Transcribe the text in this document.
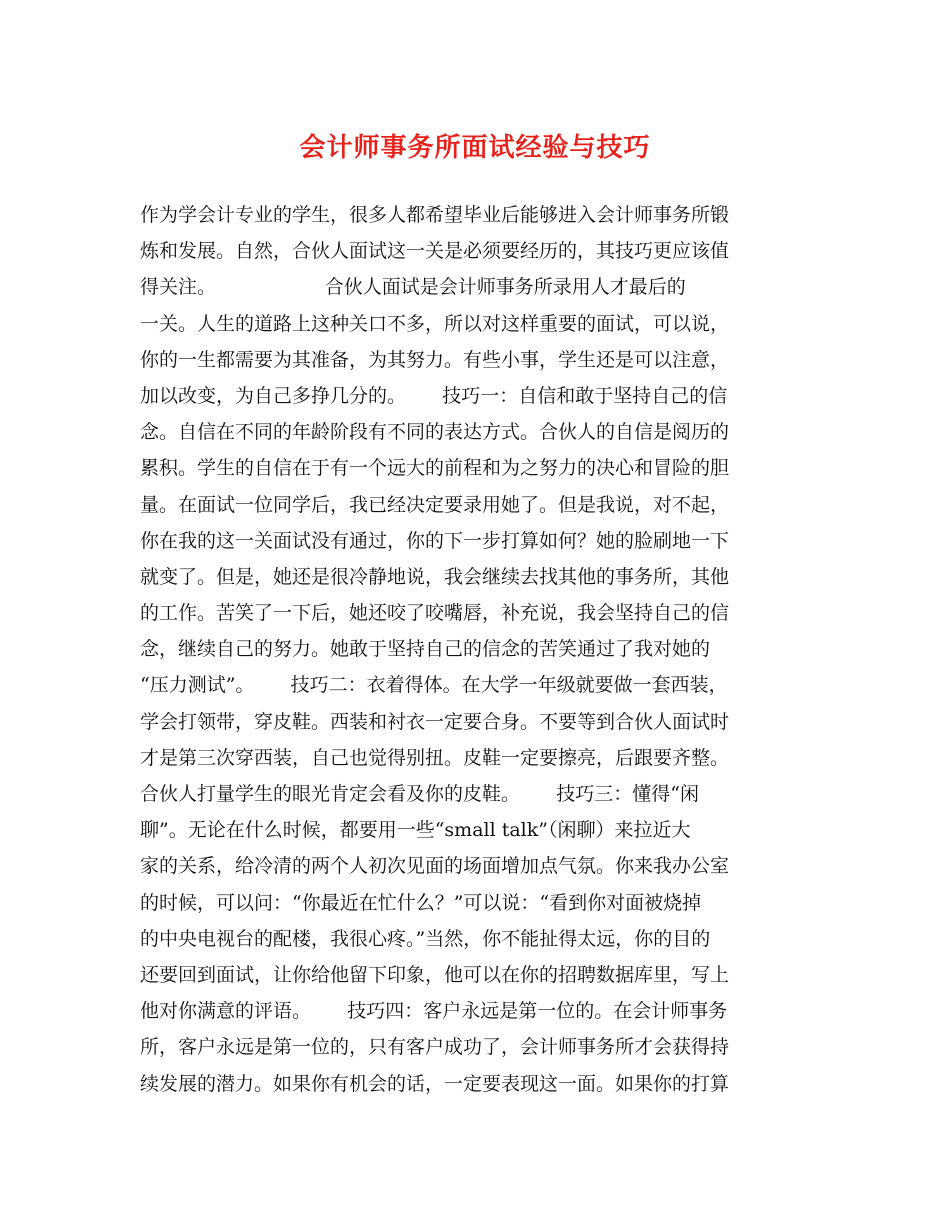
会计师事务所面试经验与技巧
作为学会计专业的学生，很多人都希望毕业后能够进入会计师事务所锻
炼和发展。自然，合伙人面试这一关是必须要经历的，其技巧更应该值
得关注。                  合伙人面试是会计师事务所录用人才最后的
一关。人生的道路上这种关口不多，所以对这样重要的面试，可以说，
你的一生都需要为其准备，为其努力。有些小事，学生还是可以注意，
加以改变，为自己多挣几分的。      技巧一：自信和敢于坚持自己的信
念。自信在不同的年龄阶段有不同的表达方式。合伙人的自信是阅历的
累积。学生的自信在于有一个远大的前程和为之努力的决心和冒险的胆
量。在面试一位同学后，我已经决定要录用她了。但是我说，对不起，
你在我的这一关面试没有通过，你的下一步打算如何？她的脸刷地一下
就变了。但是，她还是很冷静地说，我会继续去找其他的事务所，其他
的工作。苦笑了一下后，她还咬了咬嘴唇，补充说，我会坚持自己的信
念，继续自己的努力。她敢于坚持自己的信念的苦笑通过了我对她的
“压力测试”。      技巧二：衣着得体。在大学一年级就要做一套西装，
学会打领带，穿皮鞋。西装和衬衣一定要合身。不要等到合伙人面试时
才是第三次穿西装，自己也觉得别扭。皮鞋一定要擦亮，后跟要齐整。
合伙人打量学生的眼光肯定会看及你的皮鞋。      技巧三：懂得“闲
聊”。无论在什么时候，都要用一些“small talk”（闲聊）来拉近大
家的关系，给冷清的两个人初次见面的场面增加点气氛。你来我办公室
的时候，可以问：“你最近在忙什么？”可以说：“看到你对面被烧掉
的中央电视台的配楼，我很心疼。”当然，你不能扯得太远，你的目的
还要回到面试，让你给他留下印象，他可以在你的招聘数据库里，写上
他对你满意的评语。      技巧四：客户永远是第一位的。在会计师事务
所，客户永远是第一位的，只有客户成功了，会计师事务所才会获得持
续发展的潜力。如果你有机会的话，一定要表现这一面。如果你的打算
